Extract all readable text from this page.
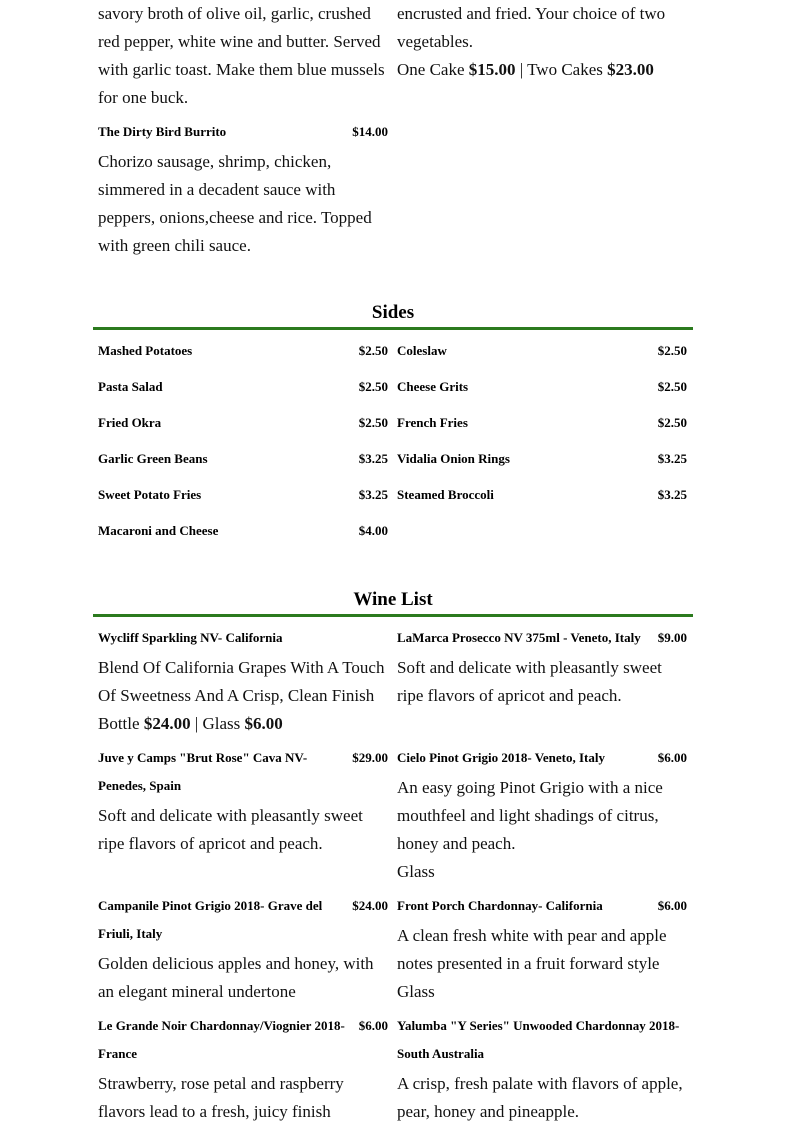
savory broth of olive oil, garlic, crushed red pepper, white wine and butter. Served with garlic toast. Make them blue mussels for one buck.
encrusted and fried. Your choice of two vegetables.
One Cake $15.00 | Two Cakes $23.00
The Dirty Bird Burrito	$14.00
Chorizo sausage, shrimp, chicken, simmered in a decadent sauce with peppers, onions,cheese and rice. Topped with green chili sauce.
Sides
Mashed Potatoes	$2.50
Pasta Salad	$2.50
Fried Okra	$2.50
Garlic Green Beans	$3.25
Sweet Potato Fries	$3.25
Macaroni and Cheese	$4.00
Coleslaw	$2.50
Cheese Grits	$2.50
French Fries	$2.50
Vidalia Onion Rings	$3.25
Steamed Broccoli	$3.25
Wine List
Wycliff Sparkling NV- California
Blend Of California Grapes With A Touch Of Sweetness And A Crisp, Clean Finish
Bottle $24.00 | Glass $6.00
LaMarca Prosecco NV 375ml - Veneto, Italy	$9.00
Soft and delicate with pleasantly sweet ripe flavors of apricot and peach.
Juve y Camps "Brut Rose" Cava NV- Penedes, Spain
$29.00
Soft and delicate with pleasantly sweet ripe flavors of apricot and peach.
Cielo Pinot Grigio 2018- Veneto, Italy	$6.00
An easy going Pinot Grigio with a nice mouthfeel and light shadings of citrus, honey and peach.
Glass
Campanile Pinot Grigio 2018- Grave del Friuli, Italy
$24.00
Golden delicious apples and honey, with an elegant mineral undertone
Front Porch Chardonnay- California	$6.00
A clean fresh white with pear and apple notes presented in a fruit forward style
Glass
Le Grande Noir Chardonnay/Viognier 2018- France
$6.00
Strawberry, rose petal and raspberry flavors lead to a fresh, juicy finish
Yalumba "Y Series" Unwooded Chardonnay 2018- South Australia
A crisp, fresh palate with flavors of apple, pear, honey and pineapple.
